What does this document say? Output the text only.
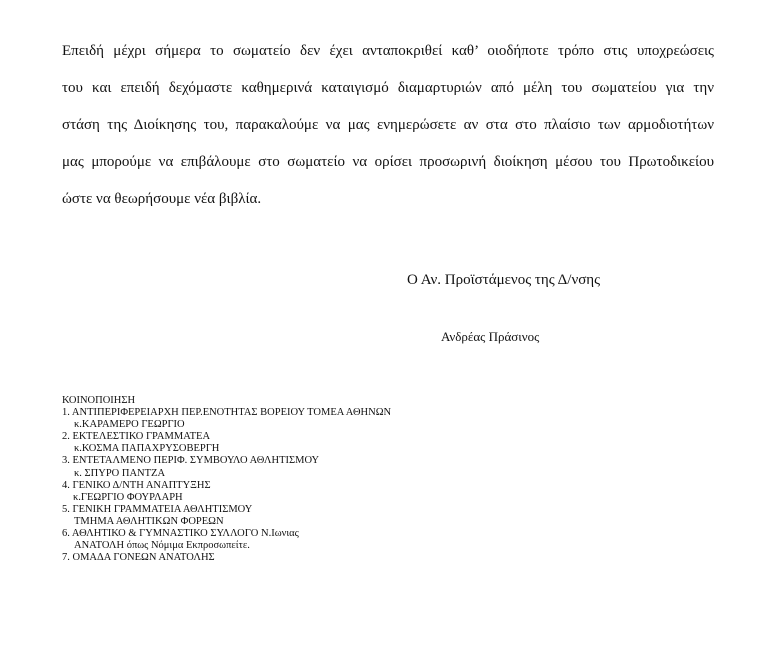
Επειδή μέχρι σήμερα το σωματείο δεν έχει ανταποκριθεί καθ’ οιοδήποτε τρόπο στις υποχρεώσεις
του και επειδή δεχόμαστε καθημερινά καταιγισμό διαμαρτυριών από μέλη του σωματείου για την
στάση της Διοίκησης του, παρακαλούμε να μας ενημερώσετε αν στα στο πλαίσιο των αρμοδιοτήτων
μας μπορούμε να επιβάλουμε στο σωματείο να ορίσει προσωρινή διοίκηση μέσου του Πρωτοδικείου
ώστε να θεωρήσουμε νέα βιβλία.
Ο Αν. Προϊστάμενος της Δ/νσης
Ανδρέας Πράσινος
ΚΟΙΝΟΠΟΙΗΣΗ
1. ΑΝΤΙΠΕΡΙΦΕΡΕΙΑΡΧΗ ΠΕΡ.ΕΝΟΤΗΤΑΣ ΒΟΡΕΙΟΥ ΤΟΜΕΑ ΑΘΗΝΩΝ
κ.ΚΑΡΑΜΕΡΟ ΓΕΩΡΓΙΟ
2. ΕΚΤΕΛΕΣΤΙΚΟ ΓΡΑΜΜΑΤΕΑ
κ.ΚΟΣΜΑ ΠΑΠΑΧΡΥΣΟΒΕΡΓΗ
3. ΕΝΤΕΤΑΛΜΕΝΟ ΠΕΡΙΦ. ΣΥΜΒΟΥΛΟ ΑΘΛΗΤΙΣΜΟΥ
κ. ΣΠΥΡΟ ΠΑΝΤΖΑ
4. ΓΕΝΙΚΟ Δ/ΝΤΗ ΑΝΑΠΤΥΞΗΣ
κ.ΓΕΩΡΓΙΟ ΦΟΥΡΛΑΡΗ
5. ΓΕΝΙΚΗ ΓΡΑΜΜΑΤΕΙΑ ΑΘΛΗΤΙΣΜΟΥ
ΤΜΗΜΑ ΑΘΛΗΤΙΚΩΝ ΦΟΡΕΩΝ
6. ΑΘΛΗΤΙΚΟ & ΓΥΜΝΑΣΤΙΚΟ ΣΥΛΛΟΓΟ Ν.Ιωνιας
ΑΝΑΤΟΛΗ όπως Νόμιμα Εκπροσωπείτε.
7. ΟΜΑΔΑ ΓΟΝΕΩΝ ΑΝΑΤΟΛΗΣ
